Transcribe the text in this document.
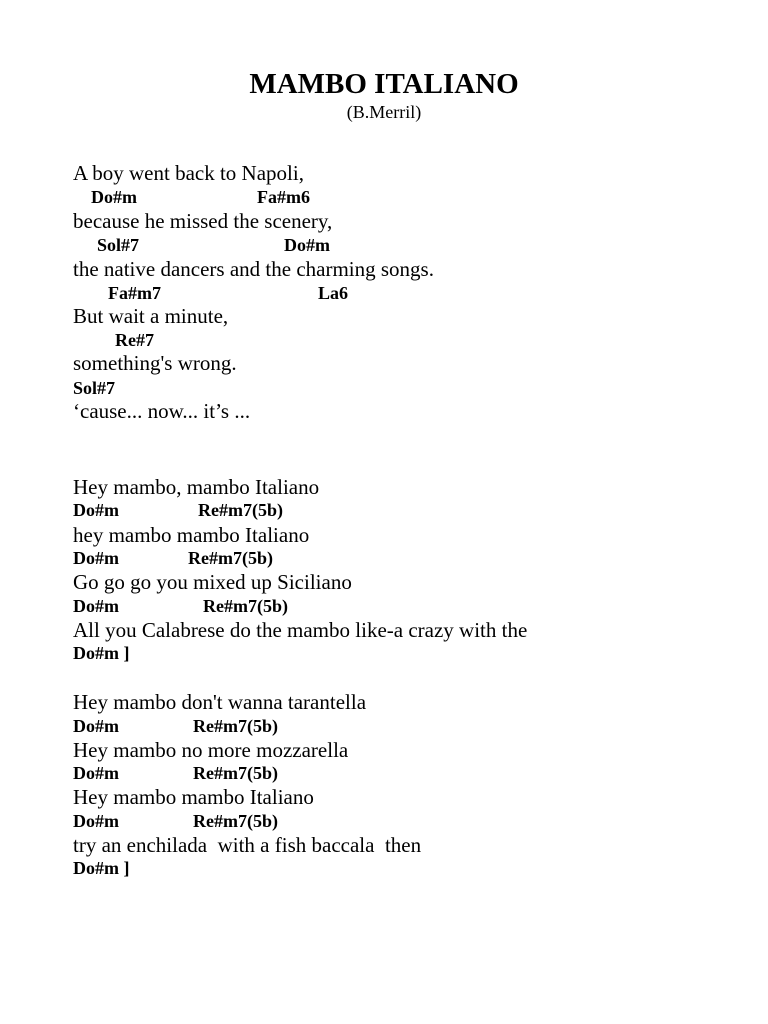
MAMBO ITALIANO
(B.Merril)
A boy went back to Napoli,
Do#m	Fa#m6
because he missed the scenery,
Sol#7	Do#m
the native dancers and the charming songs.
Fa#m7	La6
But wait a minute,
Re#7
something's wrong.
Sol#7
‘cause... now... it’s ...
Hey mambo, mambo Italiano
Do#m	Re#m7(5b)
hey mambo mambo Italiano
Do#m	Re#m7(5b)
Go go go you mixed up Siciliano
Do#m	Re#m7(5b)
All you Calabrese do the mambo like-a crazy with the
Do#m ]
Hey mambo don't wanna tarantella
Do#m	Re#m7(5b)
Hey mambo no more mozzarella
Do#m	Re#m7(5b)
Hey mambo mambo Italiano
Do#m	Re#m7(5b)
try an enchilada  with a fish baccala  then
Do#m ]
